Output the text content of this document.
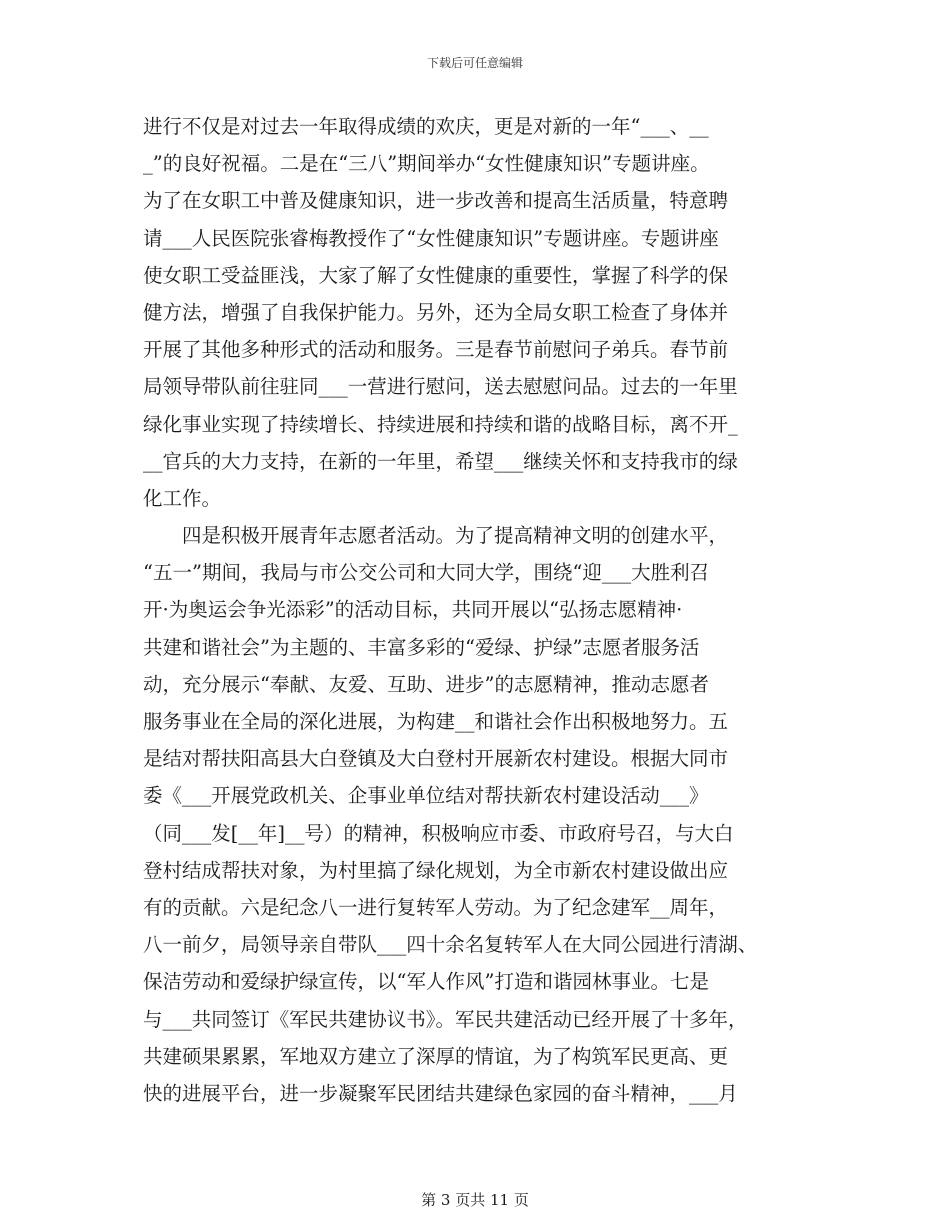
下载后可任意编辑
进行不仅是对过去一年取得成绩的欢庆，更是对新的一年“___、__
_”的良好祝福。二是在“三八”期间举办“女性健康知识”专题讲座。
为了在女职工中普及健康知识，进一步改善和提高生活质量，特意聘
请___人民医院张睿梅教授作了“女性健康知识”专题讲座。专题讲座
使女职工受益匪浅，大家了解了女性健康的重要性，掌握了科学的保
健方法，增强了自我保护能力。另外，还为全局女职工检查了身体并
开展了其他多种形式的活动和服务。三是春节前慰问子弟兵。春节前
局领导带队前往驻同___一营进行慰问，送去慰慰问品。过去的一年里
绿化事业实现了持续增长、持续进展和持续和谐的战略目标，离不开_
__官兵的大力支持，在新的一年里，希望___继续关怀和支持我市的绿
化工作。
四是积极开展青年志愿者活动。为了提高精神文明的创建水平，
“五一”期间，我局与市公交公司和大同大学，围绕“迎___大胜利召
开·为奥运会争光添彩”的活动目标，共同开展以“弘扬志愿精神·
共建和谐社会”为主题的、丰富多彩的“爱绿、护绿”志愿者服务活
动，充分展示“奉献、友爱、互助、进步”的志愿精神，推动志愿者
服务事业在全局的深化进展，为构建__和谐社会作出积极地努力。五
是结对帮扶阳高县大白登镇及大白登村开展新农村建设。根据大同市
委《___开展党政机关、企事业单位结对帮扶新农村建设活动___》
（同___发[__年]__号）的精神，积极响应市委、市政府号召，与大白
登村结成帮扶对象，为村里搞了绿化规划，为全市新农村建设做出应
有的贡献。六是纪念八一进行复转军人劳动。为了纪念建军__周年，
八一前夕，局领导亲自带队___四十余名复转军人在大同公园进行清湖、
保洁劳动和爱绿护绿宣传，以“军人作风”打造和谐园林事业。七是
与___共同签订《军民共建协议书》。军民共建活动已经开展了十多年，
共建硕果累累，军地双方建立了深厚的情谊，为了构筑军民更高、更
快的进展平台，进一步凝聚军民团结共建绿色家园的奋斗精神，___月
第 3 页共 11 页
